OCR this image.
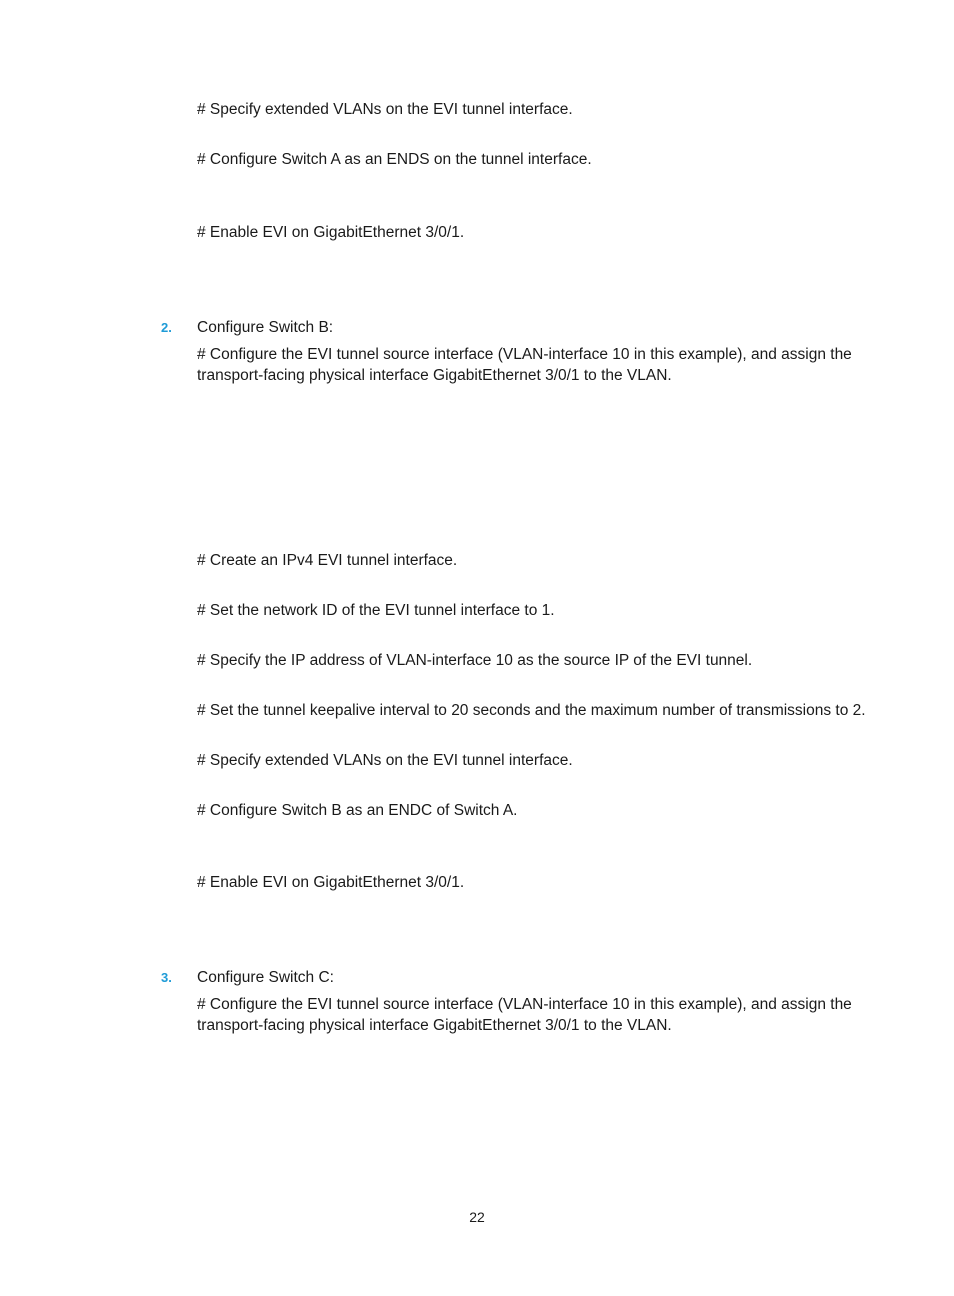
# Specify extended VLANs on the EVI tunnel interface.
# Configure Switch A as an ENDS on the tunnel interface.
# Enable EVI on GigabitEthernet 3/0/1.
2. Configure Switch B:
# Configure the EVI tunnel source interface (VLAN-interface 10 in this example), and assign the transport-facing physical interface GigabitEthernet 3/0/1 to the VLAN.
# Create an IPv4 EVI tunnel interface.
# Set the network ID of the EVI tunnel interface to 1.
# Specify the IP address of VLAN-interface 10 as the source IP of the EVI tunnel.
# Set the tunnel keepalive interval to 20 seconds and the maximum number of transmissions to 2.
# Specify extended VLANs on the EVI tunnel interface.
# Configure Switch B as an ENDC of Switch A.
# Enable EVI on GigabitEthernet 3/0/1.
3. Configure Switch C:
# Configure the EVI tunnel source interface (VLAN-interface 10 in this example), and assign the transport-facing physical interface GigabitEthernet 3/0/1 to the VLAN.
22
